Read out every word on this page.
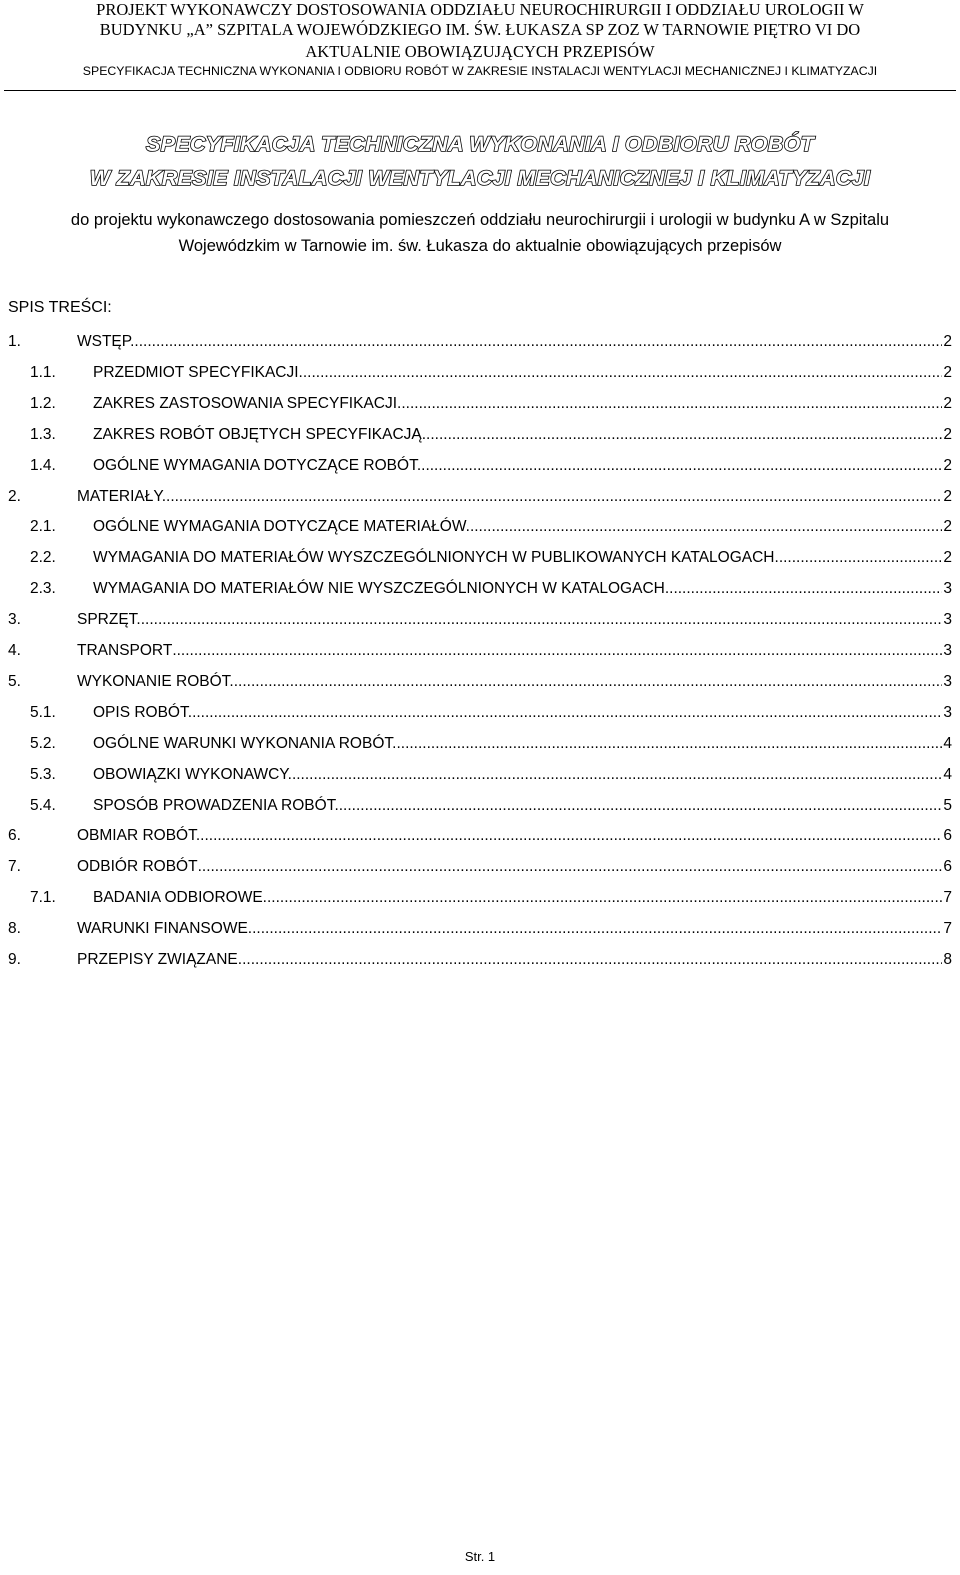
PROJEKT WYKONAWCZY DOSTOSOWANIA ODDZIAŁU NEUROCHIRURGII I ODDZIAŁU UROLOGII W
BUDYNKU „A” SZPITALA WOJEWÓDZKIEGO IM. ŚW. ŁUKASZA SP ZOZ W TARNOWIE PIĘTRO VI DO
AKTUALNIE OBOWIĄZUJĄCYCH PRZEPISÓW
SPECYFIKACJA TECHNICZNA WYKONANIA I ODBIORU ROBÓT W ZAKRESIE INSTALACJI WENTYLACJI MECHANICZNEJ I KLIMATYZACJI
SPECYFIKACJA TECHNICZNA WYKONANIA I ODBIORU ROBÓT
W ZAKRESIE INSTALACJI WENTYLACJI MECHANICZNEJ I KLIMATYZACJI
do projektu wykonawczego dostosowania pomieszczeń oddziału neurochirurgii i urologii w budynku A w Szpitalu
Wojewódzkim w Tarnowie im. św. Łukasza do aktualnie obowiązujących przepisów
SPIS TREŚCI:
1.	WSTĘP. .....	2
1.1. PRZEDMIOT SPECYFIKACJI. .....	2
1.2. ZAKRES ZASTOSOWANIA SPECYFIKACJI. .....	2
1.3. ZAKRES ROBÓT OBJĘTYCH SPECYFIKACJĄ. .....	2
1.4. OGÓLNE WYMAGANIA DOTYCZĄCE ROBÓT. .....	2
2.	MATERIAŁY. .....	2
2.1. OGÓLNE WYMAGANIA DOTYCZĄCE MATERIAŁÓW. .....	2
2.2. WYMAGANIA DO MATERIAŁÓW WYSZCZEGÓLNIONYCH W PUBLIKOWANYCH KATALOGACH. .....	2
2.3. WYMAGANIA DO MATERIAŁÓW NIE WYSZCZEGÓLNIONYCH W KATALOGACH. .....	3
3.	SPRZĘT. .....	3
4.	TRANSPORT .....	3
5.	WYKONANIE ROBÓT. .....	3
5.1. OPIS ROBÓT. .....	3
5.2. OGÓLNE WARUNKI WYKONANIA ROBÓT. .....	4
5.3. OBOWIĄZKI WYKONAWCY. .....	4
5.4. SPOSÓB PROWADZENIA ROBÓT. .....	5
6.	OBMIAR ROBÓT. .....	6
7.	ODBIÓR ROBÓT .....	6
7.1. BADANIA ODBIOROWE. .....	7
8.	WARUNKI FINANSOWE. .....	7
9.	PRZEPISY ZWIĄZANE .....	8
Str. 1
